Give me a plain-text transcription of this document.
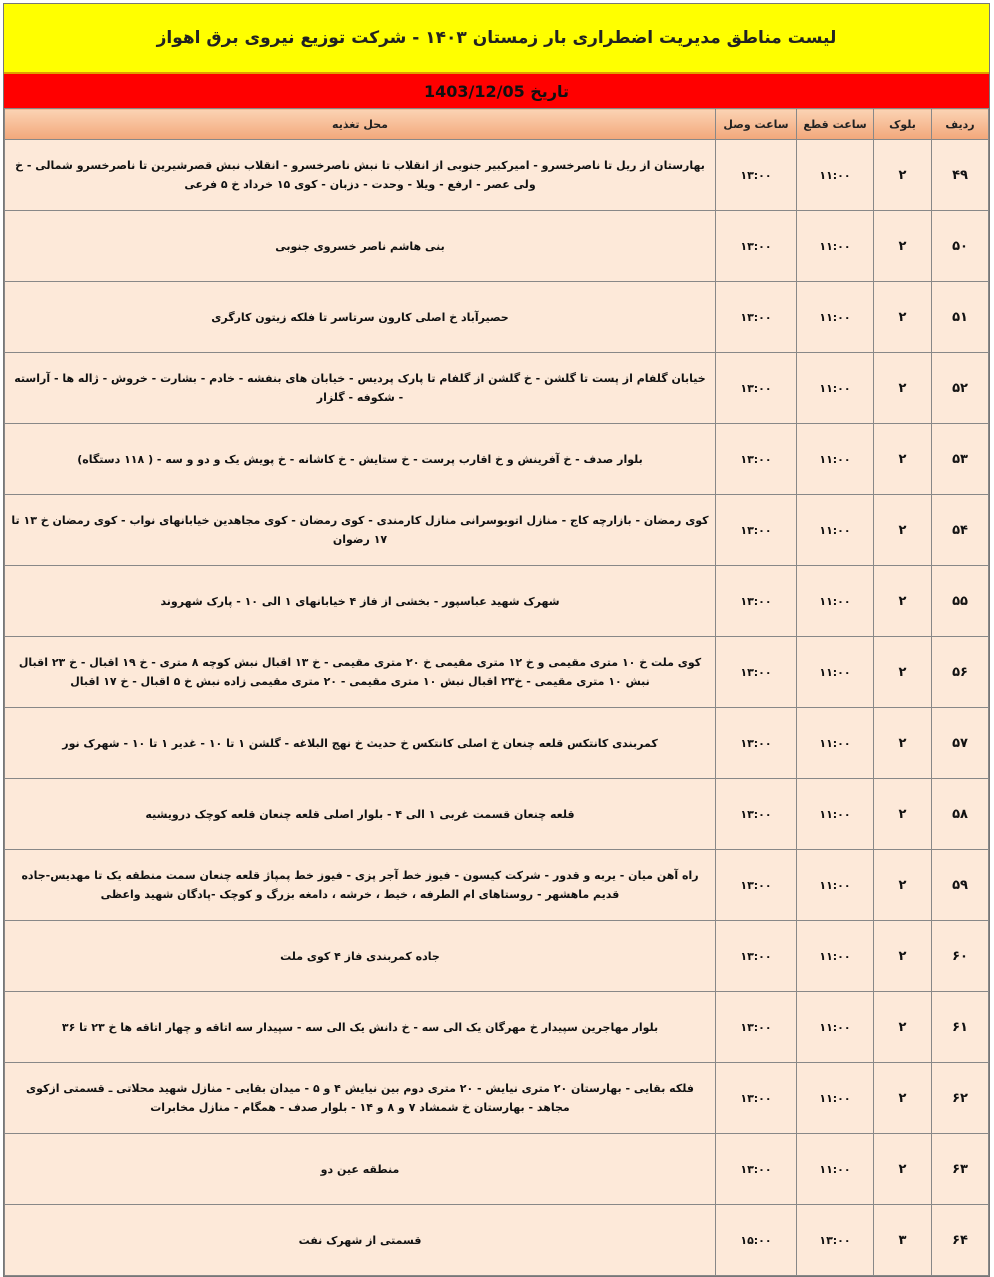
لیست مناطق مدیریت اضطراری بار زمستان ۱۴۰۳ - شرکت توزیع نیروی برق اهواز
تاریخ 1403/12/05
ردیف	بلوک	ساعت قطع	ساعت وصل	محل تغذیه
۴۹	۲	۱۱:۰۰	۱۳:۰۰	بهارستان از ریل تا ناصرخسرو - امیرکبیر جنوبی از انقلاب تا نبش ناصرخسرو - انقلاب نبش قصرشیرین تا ناصرخسرو شمالی - خ ولی عصر - ارفع - ویلا - وحدت - دزبان - کوی ۱۵ خرداد خ ۵ فرعی
۵۰	۲	۱۱:۰۰	۱۳:۰۰	بنی هاشم ناصر خسروی جنوبی
۵۱	۲	۱۱:۰۰	۱۳:۰۰	حصیرآباد خ اصلی کارون سرتاسر تا فلکه زیتون کارگری
۵۲	۲	۱۱:۰۰	۱۳:۰۰	خیابان گلفام از پست تا گلشن - خ گلشن از گلفام تا پارک پردیس - خیابان های بنفشه - خادم - بشارت - خروش - ژاله ها - آراسته - شکوفه - گلزار
۵۳	۲	۱۱:۰۰	۱۳:۰۰	بلوار صدف - خ آفرینش و خ اقارب پرست - خ ستایش - خ کاشانه - خ پویش یک و دو و سه - ( ۱۱۸ دستگاه)
۵۴	۲	۱۱:۰۰	۱۳:۰۰	کوی رمضان - بازارچه کاج - منازل اتوبوسرانی منازل کارمندی - کوی رمضان - کوی مجاهدین خیابانهای نواب - کوی رمضان خ ۱۳ تا ۱۷ رضوان
۵۵	۲	۱۱:۰۰	۱۳:۰۰	شهرک شهید عباسپور - بخشی از فاز ۴ خیابانهای ۱ الی ۱۰ - پارک شهروند
۵۶	۲	۱۱:۰۰	۱۳:۰۰	کوی ملت خ ۱۰ متری مقیمی و خ ۱۲ متری مقیمی خ ۲۰ متری مقیمی - خ ۱۳ اقبال نبش کوچه ۸ متری - خ ۱۹ اقبال - خ ۲۳ اقبال نبش ۱۰ متری مقیمی - خ۲۳ اقبال نبش ۱۰ متری مقیمی - ۲۰ متری مقیمی زاده نبش خ ۵ اقبال - خ ۱۷ اقبال
۵۷	۲	۱۱:۰۰	۱۳:۰۰	کمربندی کانتکس قلعه چنعان خ اصلی کانتکس خ حدیث خ نهج البلاغه - گلشن ۱ تا ۱۰ - غدیر ۱ تا ۱۰ - شهرک نور
۵۸	۲	۱۱:۰۰	۱۳:۰۰	قلعه چنعان قسمت غربی ۱ الی ۴ - بلوار اصلی قلعه چنعان قلعه کوچک درویشیه
۵۹	۲	۱۱:۰۰	۱۳:۰۰	راه آهن میان - یربه و قدور - شرکت کیسون - فیوز خط آجر پزی - فیوز خط پمپاژ قلعه چنعان سمت منطقه یک تا مهدیس-جاده قدیم ماهشهر - روستاهای ام الطرفه ، خیط ، خرشه ، دامغه بزرگ و کوچک -پادگان شهید واعظی
۶۰	۲	۱۱:۰۰	۱۳:۰۰	جاده کمربندی فاز ۴ کوی ملت
۶۱	۲	۱۱:۰۰	۱۳:۰۰	بلوار مهاجرین سپیدار خ مهرگان یک الی سه - خ دانش یک الی سه - سپیدار سه اتاقه و چهار اتاقه ها خ ۲۳ تا ۳۶
۶۲	۲	۱۱:۰۰	۱۳:۰۰	فلکه بقایی - بهارستان ۲۰ متری نیایش - ۲۰ متری دوم بین نیایش ۴ و ۵ - میدان بقایی - منازل شهید محلاتی ـ قسمتی ازکوی مجاهد - بهارستان خ شمشاد ۷ و ۸ و ۱۴ - بلوار صدف - همگام - منازل مخابرات
۶۳	۲	۱۱:۰۰	۱۳:۰۰	منطقه عین دو
۶۴	۳	۱۳:۰۰	۱۵:۰۰	قسمتی از شهرک نفت
